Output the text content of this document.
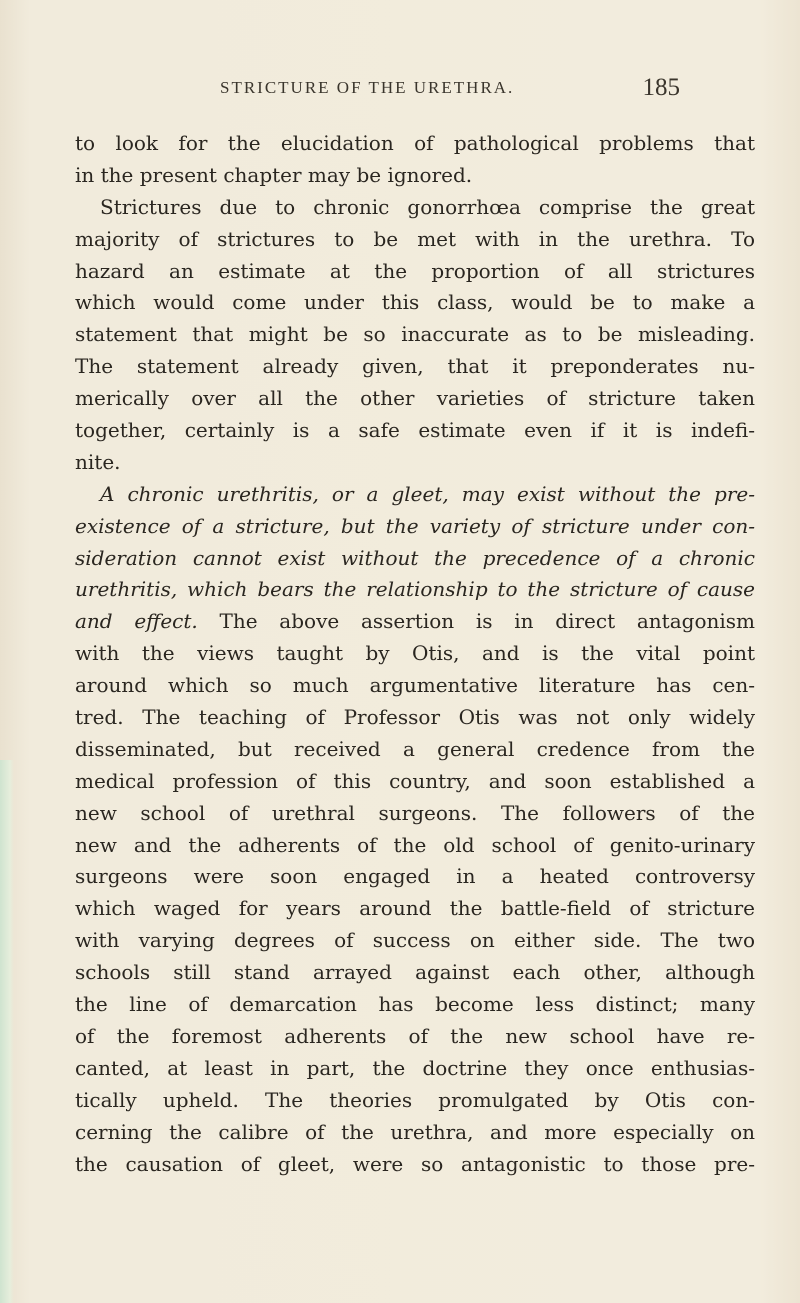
STRICTURE OF THE URETHRA.	185
to look for the elucidation of pathological problems that
in the present chapter may be ignored.
Strictures due to chronic gonorrhœa comprise the great
majority of strictures to be met with in the urethra. To
hazard an estimate at the proportion of all strictures
which would come under this class, would be to make a
statement that might be so inaccurate as to be misleading.
The statement already given, that it preponderates nu-
merically over all the other varieties of stricture taken
together, certainly is a safe estimate even if it is indefi-
nite.
A chronic urethritis, or a gleet, may exist without the pre-
existence of a stricture, but the variety of stricture under con-
sideration cannot exist without the precedence of a chronic
urethritis, which bears the relationship to the stricture of cause
and effect. The above assertion is in direct antagonism
with the views taught by Otis, and is the vital point
around which so much argumentative literature has cen-
tred. The teaching of Professor Otis was not only widely
disseminated, but received a general credence from the
medical profession of this country, and soon established a
new school of urethral surgeons. The followers of the
new and the adherents of the old school of genito-urinary
surgeons were soon engaged in a heated controversy
which waged for years around the battle-field of stricture
with varying degrees of success on either side. The two
schools still stand arrayed against each other, although
the line of demarcation has become less distinct; many
of the foremost adherents of the new school have re-
canted, at least in part, the doctrine they once enthusias-
tically upheld. The theories promulgated by Otis con-
cerning the calibre of the urethra, and more especially on
the causation of gleet, were so antagonistic to those pre-
